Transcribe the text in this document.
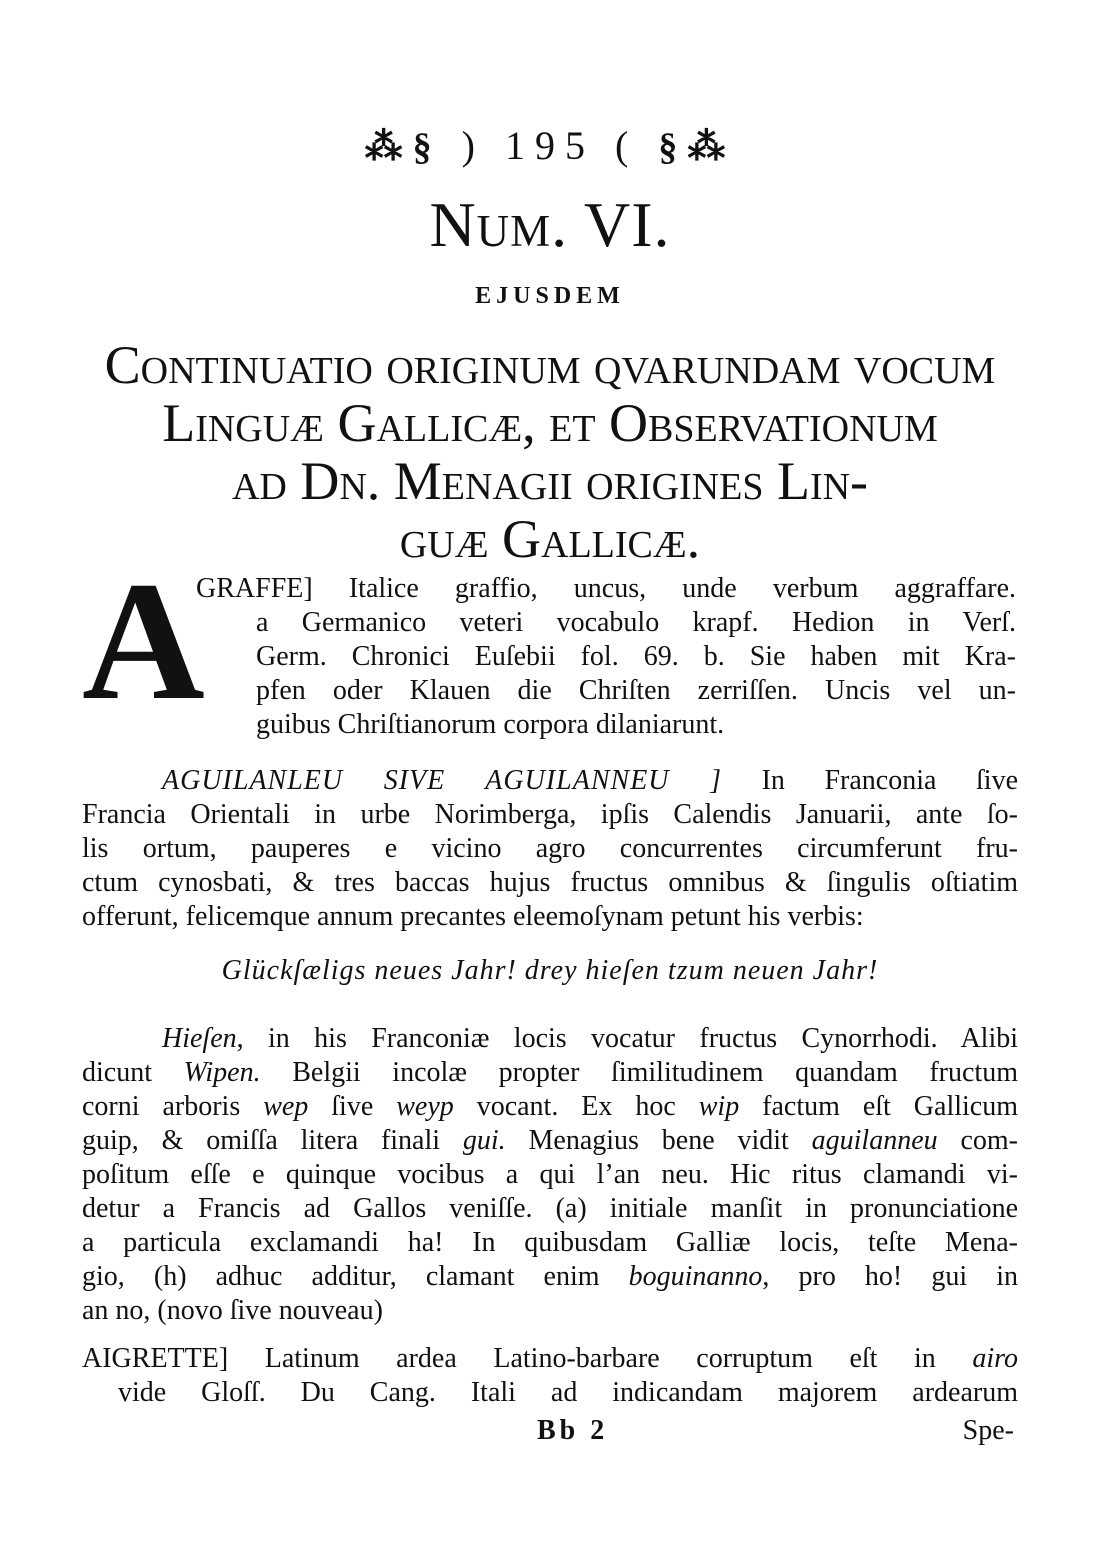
⁂§ ) 195 ( §⁂
Num. VI.
EJUSDEM
Continuatio originum qvarundam vocum
Linguæ Gallicæ, et Observationum
ad Dn. Menagii origines Lin-
guæ Gallicæ.
A
GRAFFE] Italice graffio, uncus, unde verbum aggraffare.
a Germanico veteri vocabulo krapf. Hedion in Verſ.
Germ. Chronici Euſebii fol. 69. b. Sie haben mit Kra-
pfen oder Klauen die Chriſten zerriſſen. Uncis vel un-
guibus Chriſtianorum corpora dilaniarunt.
AGUILANLEU SIVE AGUILANNEU ] In Franconia ſive
Francia Orientali in urbe Norimberga, ipſis Calendis Januarii, ante ſo-
lis ortum, pauperes e vicino agro concurrentes circumferunt fru-
ctum cynosbati, & tres baccas hujus fructus omnibus & ſingulis oſtiatim
offerunt, felicemque annum precantes eleemoſynam petunt his verbis:
Glückſæligs neues Jahr! drey hieſen tzum neuen Jahr!
Hieſen, in his Franconiæ locis vocatur fructus Cynorrhodi. Alibi
dicunt Wipen. Belgii incolæ propter ſimilitudinem quandam fructum
corni arboris wep ſive weyp vocant. Ex hoc wip factum eſt Gallicum
guip, & omiſſa litera finali gui. Menagius bene vidit aguilanneu com-
poſitum eſſe e quinque vocibus a qui l’an neu. Hic ritus clamandi vi-
detur a Francis ad Gallos veniſſe. (a) initiale manſit in pronunciatione
a particula exclamandi ha! In quibusdam Galliæ locis, teſte Mena-
gio, (h) adhuc additur, clamant enim boguinanno, pro ho! gui in
an no, (novo ſive nouveau)
AIGRETTE] Latinum ardea Latino-barbare corruptum eſt in airo
vide Gloſſ. Du Cang. Itali ad indicandam majorem ardearum
Bb 2	Spe-
